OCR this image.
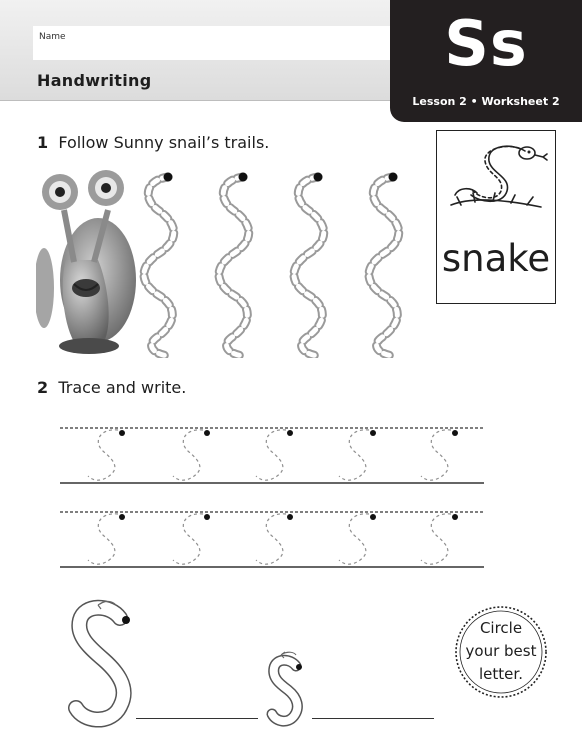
Name
Handwriting
Ss
Lesson 2 • Worksheet 2
1 Follow Sunny snail’s trails.
snake
2 Trace and write.
Circle
your best
letter.
